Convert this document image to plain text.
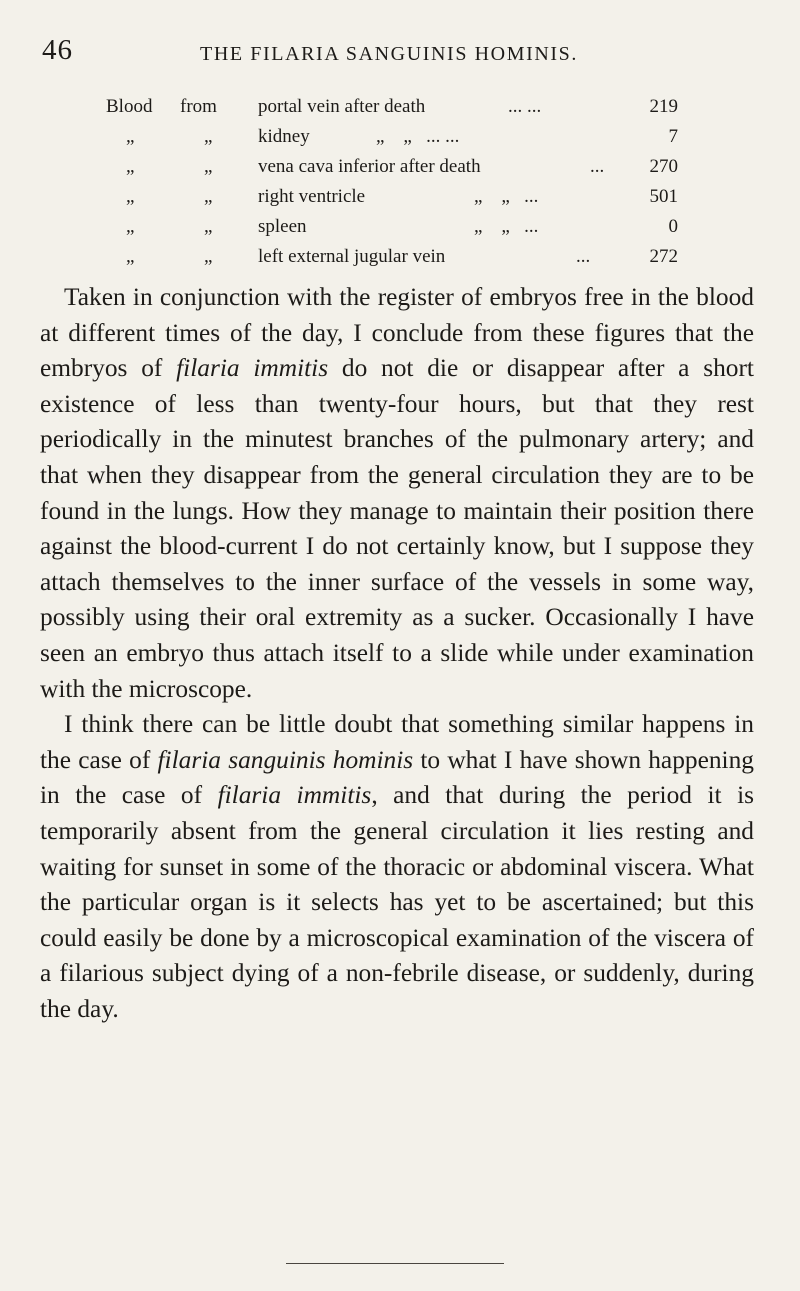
46	THE FILARIA SANGUINIS HOMINIS.
Blood from portal vein after death	... ...	219
„	„ kidney	„    „   ... ...	7
„	„ vena cava inferior after death	...	270
„	„ right ventricle	„    „   ...	501
„	„ spleen	„    „   ...	0
„	„ left external jugular vein	...	272

Taken in conjunction with the register of embryos free in the blood at different times of the day, I conclude from these figures that the embryos of filaria immitis do not die or disappear after a short existence of less than twenty-four hours, but that they rest periodically in the minutest branches of the pulmonary artery; and that when they disappear from the general circulation they are to be found in the lungs. How they manage to maintain their position there against the blood-current I do not certainly know, but I suppose they attach themselves to the inner surface of the vessels in some way, possibly using their oral extremity as a sucker. Occasionally I have seen an embryo thus attach itself to a slide while under examination with the microscope.

I think there can be little doubt that something similar happens in the case of filaria sanguinis hominis to what I have shown happening in the case of filaria immitis, and that during the period it is temporarily absent from the general circulation it lies resting and waiting for sunset in some of the thoracic or abdominal viscera. What the particular organ is it selects has yet to be ascertained; but this could easily be done by a microscopical examination of the viscera of a filarious subject dying of a non-febrile disease, or suddenly, during the day.
